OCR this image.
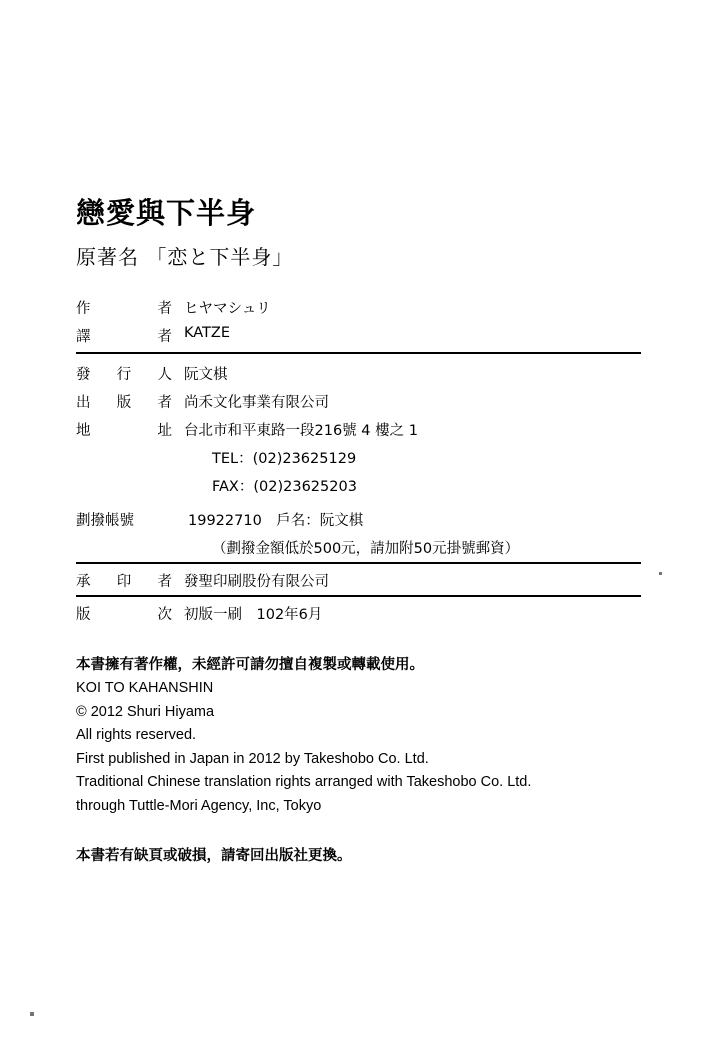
戀愛與下半身
原著名 「恋と下半身」
作　者	ヒヤマシュリ
譯　者	KATZE
發 行 人	阮文棋
出 版 者	尚禾文化事業有限公司
地　址	台北市和平東路一段216號 4 樓之 1
	TEL：(02)23625129
	FAX：(02)23625203
劃撥帳號	19922710　戶名：阮文棋
	（劃撥金額低於500元，請加附50元掛號郵資）
承 印 者	發聖印刷股份有限公司
版　次	初版一刷　102年6月
本書擁有著作權，未經許可請勿擅自複製或轉載使用。
KOI TO KAHANSHIN
© 2012 Shuri Hiyama
All rights reserved.
First published in Japan in 2012 by Takeshobo Co. Ltd.
Traditional Chinese translation rights arranged with Takeshobo Co. Ltd.
through Tuttle-Mori Agency, Inc, Tokyo
本書若有缺頁或破損，請寄回出版社更換。
